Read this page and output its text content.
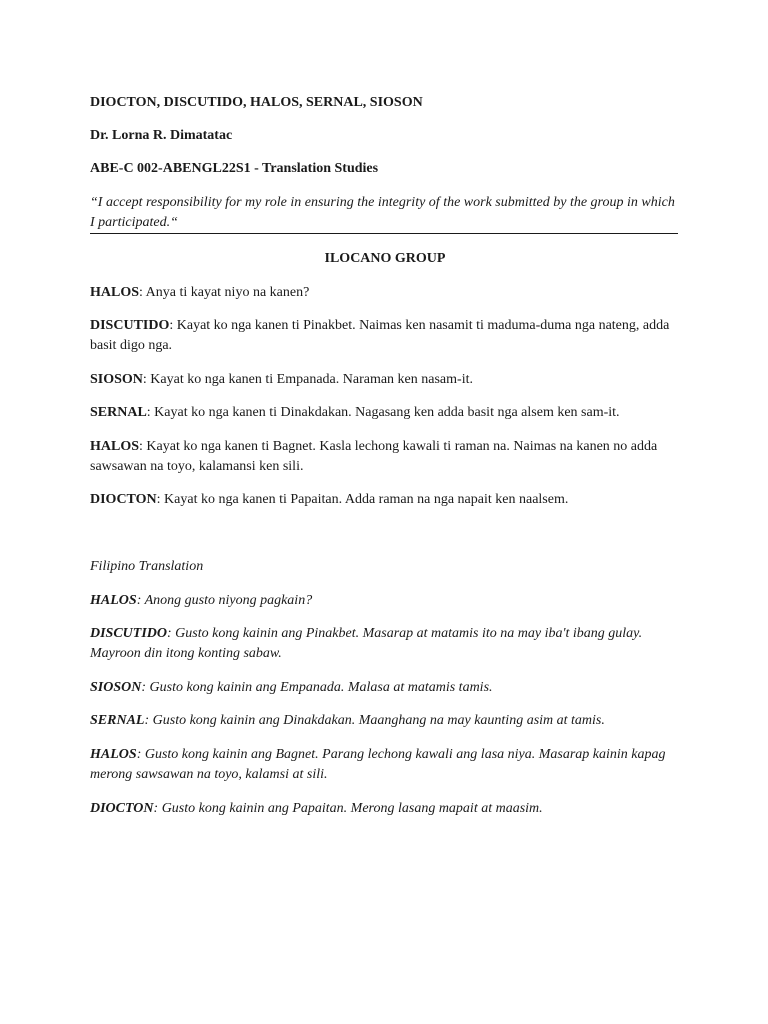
DIOCTON, DISCUTIDO, HALOS, SERNAL, SIOSON
Dr. Lorna R. Dimatatac
ABE-C 002-ABENGL22S1 - Translation Studies
“I accept responsibility for my role in ensuring the integrity of the work submitted by the group in which I participated.“
ILOCANO GROUP
HALOS: Anya ti kayat niyo na kanen?
DISCUTIDO: Kayat ko nga kanen ti Pinakbet. Naimas ken nasamit ti maduma-duma nga nateng, adda basit digo nga.
SIOSON: Kayat ko nga kanen ti Empanada. Naraman ken nasam-it.
SERNAL: Kayat ko nga kanen ti Dinakdakan. Nagasang ken adda basit nga alsem ken sam-it.
HALOS: Kayat ko nga kanen ti Bagnet. Kasla lechong kawali ti raman na. Naimas na kanen no adda sawsawan na toyo, kalamansi ken sili.
DIOCTON: Kayat ko nga kanen ti Papaitan. Adda raman na nga napait ken naalsem.
Filipino Translation
HALOS: Anong gusto niyong pagkain?
DISCUTIDO: Gusto kong kainin ang Pinakbet. Masarap at matamis ito na may iba't ibang gulay. Mayroon din itong konting sabaw.
SIOSON: Gusto kong kainin ang Empanada. Malasa at matamis tamis.
SERNAL: Gusto kong kainin ang Dinakdakan. Maanghang na may kaunting asim at tamis.
HALOS: Gusto kong kainin ang Bagnet. Parang lechong kawali ang lasa niya. Masarap kainin kapag merong sawsawan na toyo, kalamsi at sili.
DIOCTON: Gusto kong kainin ang Papaitan. Merong lasang mapait at maasim.
